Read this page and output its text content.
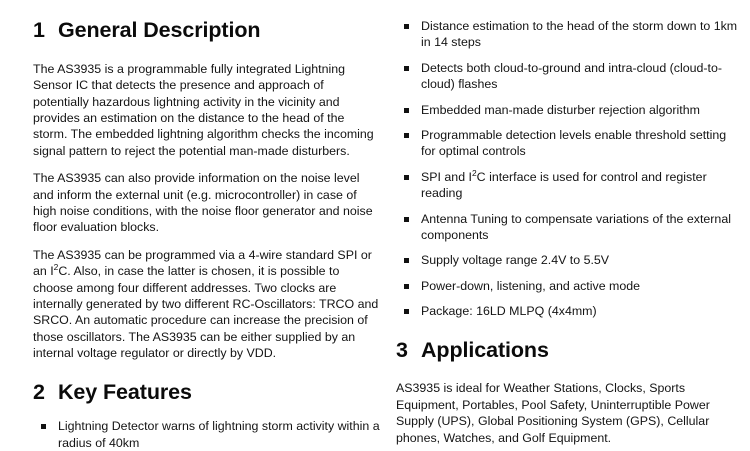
1 General Description

The AS3935 is a programmable fully integrated Lightning Sensor IC that detects the presence and approach of potentially hazardous lightning activity in the vicinity and provides an estimation on the distance to the head of the storm. The embedded lightning algorithm checks the incoming signal pattern to reject the potential man-made disturbers.

The AS3935 can also provide information on the noise level and inform the external unit (e.g. microcontroller) in case of high noise conditions, with the noise floor generator and noise floor evaluation blocks.

The AS3935 can be programmed via a 4-wire standard SPI or an $I^2C$. Also, in case the latter is chosen, it is possible to choose among four different addresses. Two clocks are internally generated by two different RC-Oscillators: TRCO and SRCO. An automatic procedure can increase the precision of those oscillators. The AS3935 can be either supplied by an internal voltage regulator or directly by VDD.

2 Key Features
Lightning Detector warns of lightning storm activity within a radius of 40km
Distance estimation to the head of the storm down to 1km in 14 steps
Detects both cloud-to-ground and intra-cloud (cloud-to-cloud) flashes
Embedded man-made disturber rejection algorithm
Programmable detection levels enable threshold setting for optimal controls
SPI and $I^2C$ interface is used for control and register reading
Antenna Tuning to compensate variations of the external components
Supply voltage range 2.4V to 5.5V
Power-down, listening, and active mode
Package: 16LD MLPQ (4x4mm)
3 Applications

AS3935 is ideal for Weather Stations, Clocks, Sports Equipment, Portables, Pool Safety, Uninterruptible Power Supply (UPS), Global Positioning System (GPS), Cellular phones, Watches, and Golf Equipment.
